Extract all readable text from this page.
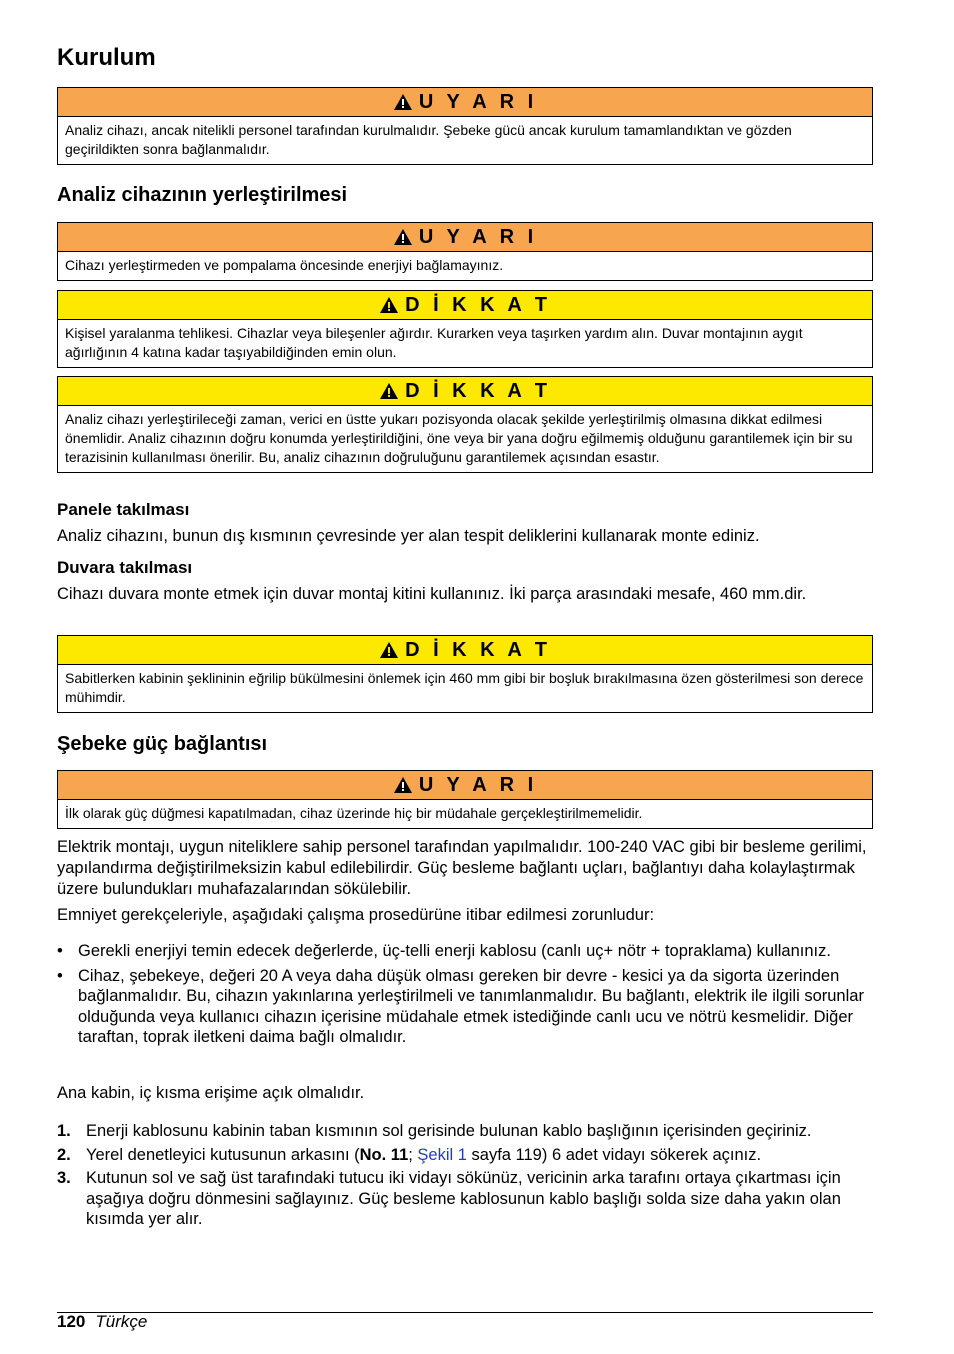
Kurulum
U Y A R I
Analiz cihazı, ancak nitelikli personel tarafından kurulmalıdır. Şebeke gücü ancak kurulum tamamlandıktan ve gözden geçirildikten sonra bağlanmalıdır.
Analiz cihazının yerleştirilmesi
U Y A R I
Cihazı yerleştirmeden ve pompalama öncesinde enerjiyi bağlamayınız.
D İ K K A T
Kişisel yaralanma tehlikesi. Cihazlar veya bileşenler ağırdır. Kurarken veya taşırken yardım alın. Duvar montajının aygıt ağırlığının 4 katına kadar taşıyabildiğinden emin olun.
D İ K K A T
Analiz cihazı yerleştirileceği zaman, verici en üstte yukarı pozisyonda olacak şekilde yerleştirilmiş olmasına dikkat edilmesi önemlidir. Analiz cihazının doğru konumda yerleştirildiğini, öne veya bir yana doğru eğilmemiş olduğunu garantilemek için bir su terazisinin kullanılması önerilir. Bu, analiz cihazının doğruluğunu garantilemek açısından esastır.
Panele takılması
Analiz cihazını, bunun dış kısmının çevresinde yer alan tespit deliklerini kullanarak monte ediniz.
Duvara takılması
Cihazı duvara monte etmek için duvar montaj kitini kullanınız. İki parça arasındaki mesafe, 460 mm.dir.
D İ K K A T
Sabitlerken kabinin şeklininin eğrilip bükülmesini önlemek için 460 mm gibi bir boşluk bırakılmasına özen gösterilmesi son derece mühimdir.
Şebeke güç bağlantısı
U Y A R I
İlk olarak güç düğmesi kapatılmadan, cihaz üzerinde hiç bir müdahale gerçekleştirilmemelidir.
Elektrik montajı, uygun niteliklere sahip personel tarafından yapılmalıdır. 100-240 VAC gibi bir besleme gerilimi, yapılandırma değiştirilmeksizin kabul edilebilirdir. Güç besleme bağlantı uçları, bağlantıyı daha kolaylaştırmak üzere bulundukları muhafazalarından sökülebilir.
Emniyet gerekçeleriyle, aşağıdaki çalışma prosedürüne itibar edilmesi zorunludur:
• Gerekli enerjiyi temin edecek değerlerde, üç-telli enerji kablosu (canlı uç+ nötr + topraklama) kullanınız.
• Cihaz, şebekeye, değeri 20 A veya daha düşük olması gereken bir devre - kesici ya da sigorta üzerinden bağlanmalıdır. Bu, cihazın yakınlarına yerleştirilmeli ve tanımlanmalıdır. Bu bağlantı, elektrik ile ilgili sorunlar olduğunda veya kullanıcı cihazın içerisine müdahale etmek istediğinde canlı ucu ve nötrü kesmelidir. Diğer taraftan, toprak iletkeni daima bağlı olmalıdır.
Ana kabin, iç kısma erişime açık olmalıdır.
1. Enerji kablosunu kabinin taban kısmının sol gerisinde bulunan kablo başlığının içerisinden geçiriniz.
2. Yerel denetleyici kutusunun arkasını (No. 11; Şekil 1 sayfa 119) 6 adet vidayı sökerek açınız.
3. Kutunun sol ve sağ üst tarafındaki tutucu iki vidayı sökünüz, vericinin arka tarafını ortaya çıkartması için aşağıya doğru dönmesini sağlayınız. Güç besleme kablosunun kablo başlığı solda size daha yakın olan kısımda yer alır.
120 Türkçe
